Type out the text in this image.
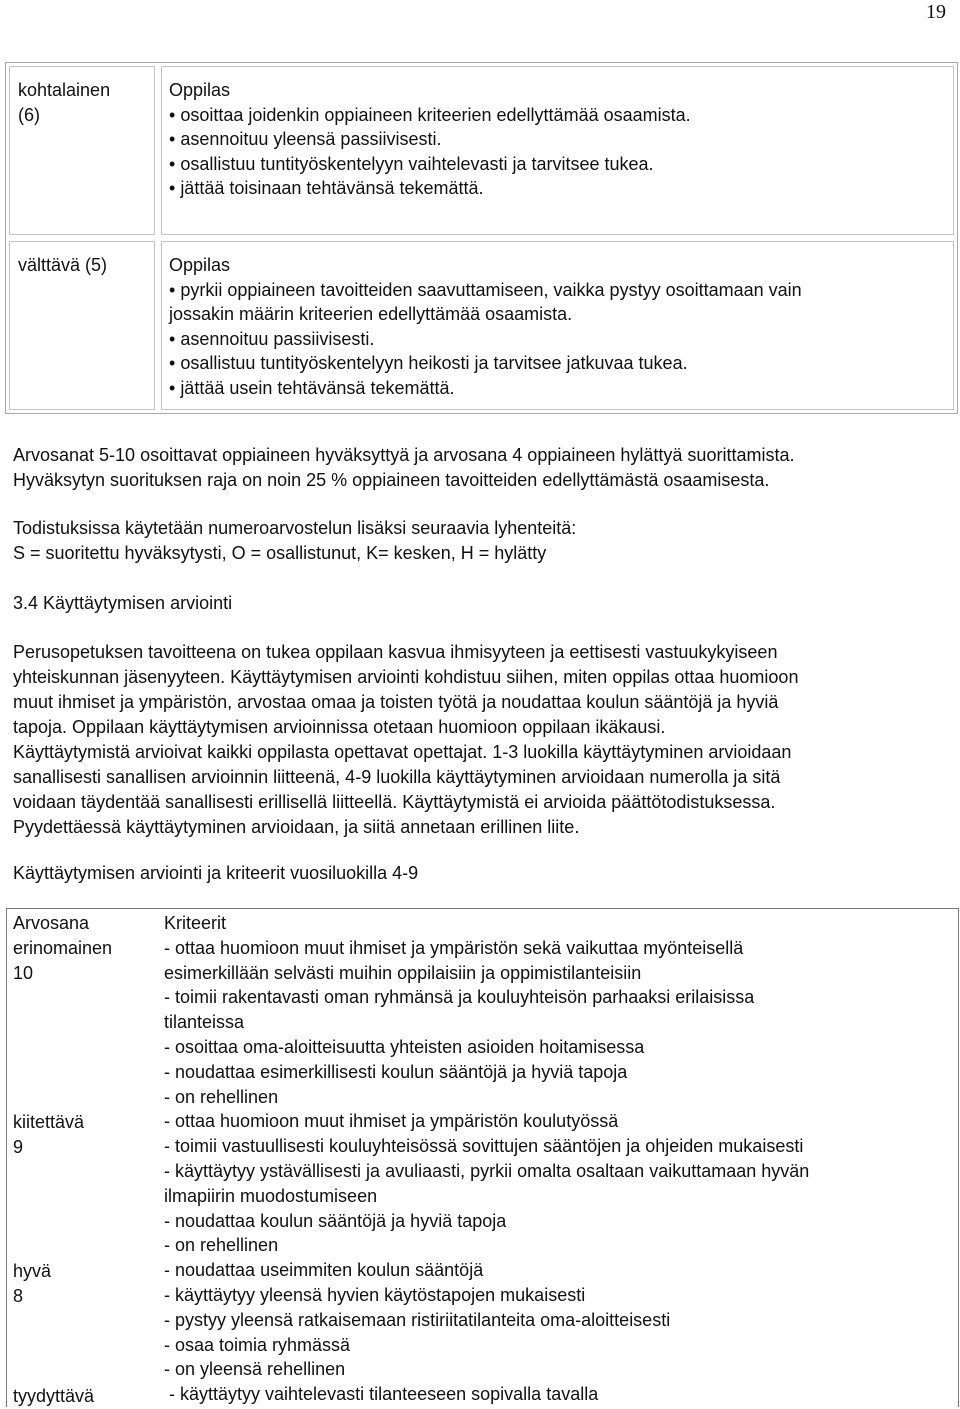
19
kohtalainen
(6)
Oppilas
• osoittaa joidenkin oppiaineen kriteerien edellyttämää osaamista.
• asennoituu yleensä passiivisesti.
• osallistuu tuntityöskentelyyn vaihtelevasti ja tarvitsee tukea.
• jättää toisinaan tehtävänsä tekemättä.
välttävä (5)	Oppilas
• pyrkii oppiaineen tavoitteiden saavuttamiseen, vaikka pystyy osoittamaan vain
jossakin määrin kriteerien edellyttämää osaamista.
• asennoituu passiivisesti.
• osallistuu tuntityöskentelyyn heikosti ja tarvitsee jatkuvaa tukea.
• jättää usein tehtävänsä tekemättä.

Arvosanat 5-10 osoittavat oppiaineen hyväksyttyä ja arvosana 4 oppiaineen hylättyä suorittamista.
Hyväksytyn suorituksen raja on noin 25 % oppiaineen tavoitteiden edellyttämästä osaamisesta.

Todistuksissa käytetään numeroarvostelun lisäksi seuraavia lyhenteitä:
S = suoritettu hyväksytysti, O = osallistunut, K= kesken, H = hylätty

3.4 Käyttäytymisen arviointi

Perusopetuksen tavoitteena on tukea oppilaan kasvua ihmisyyteen ja eettisesti vastuukykyiseen
yhteiskunnan jäsenyyteen. Käyttäytymisen arviointi kohdistuu siihen, miten oppilas ottaa huomioon
muut ihmiset ja ympäristön, arvostaa omaa ja toisten työtä ja noudattaa koulun sääntöjä ja hyviä
tapoja. Oppilaan käyttäytymisen arvioinnissa otetaan huomioon oppilaan ikäkausi.
Käyttäytymistä arvioivat kaikki oppilasta opettavat opettajat. 1-3 luokilla käyttäytyminen arvioidaan
sanallisesti sanallisen arvioinnin liitteenä, 4-9 luokilla käyttäytyminen arvioidaan numerolla ja sitä
voidaan täydentää sanallisesti erillisellä liitteellä. Käyttäytymistä ei arvioida päättötodistuksessa.
Pyydettäessä käyttäytyminen arvioidaan, ja siitä annetaan erillinen liite.

Käyttäytymisen arviointi ja kriteerit vuosiluokilla 4-9

Arvosana
erinomainen
10
kiitettävä
9
hyvä
8
tyydyttävä
Kriteerit
- ottaa huomioon muut ihmiset ja ympäristön sekä vaikuttaa myönteisellä
esimerkillään selvästi muihin oppilaisiin ja oppimistilanteisiin
- toimii rakentavasti oman ryhmänsä ja kouluyhteisön parhaaksi erilaisissa
tilanteissa
- osoittaa oma-aloitteisuutta yhteisten asioiden hoitamisessa
- noudattaa esimerkillisesti koulun sääntöjä ja hyviä tapoja
- on rehellinen
- ottaa huomioon muut ihmiset ja ympäristön koulutyössä
- toimii vastuullisesti kouluyhteisössä sovittujen sääntöjen ja ohjeiden mukaisesti
- käyttäytyy ystävällisesti ja avuliaasti, pyrkii omalta osaltaan vaikuttamaan hyvän
ilmapiirin muodostumiseen
- noudattaa koulun sääntöjä ja hyviä tapoja
- on rehellinen
- noudattaa useimmiten koulun sääntöjä
- käyttäytyy yleensä hyvien käytöstapojen mukaisesti
- pystyy yleensä ratkaisemaan ristiriitatilanteita oma-aloitteisesti
- osaa toimia ryhmässä
- on yleensä rehellinen
- käyttäytyy vaihtelevasti tilanteeseen sopivalla tavalla
